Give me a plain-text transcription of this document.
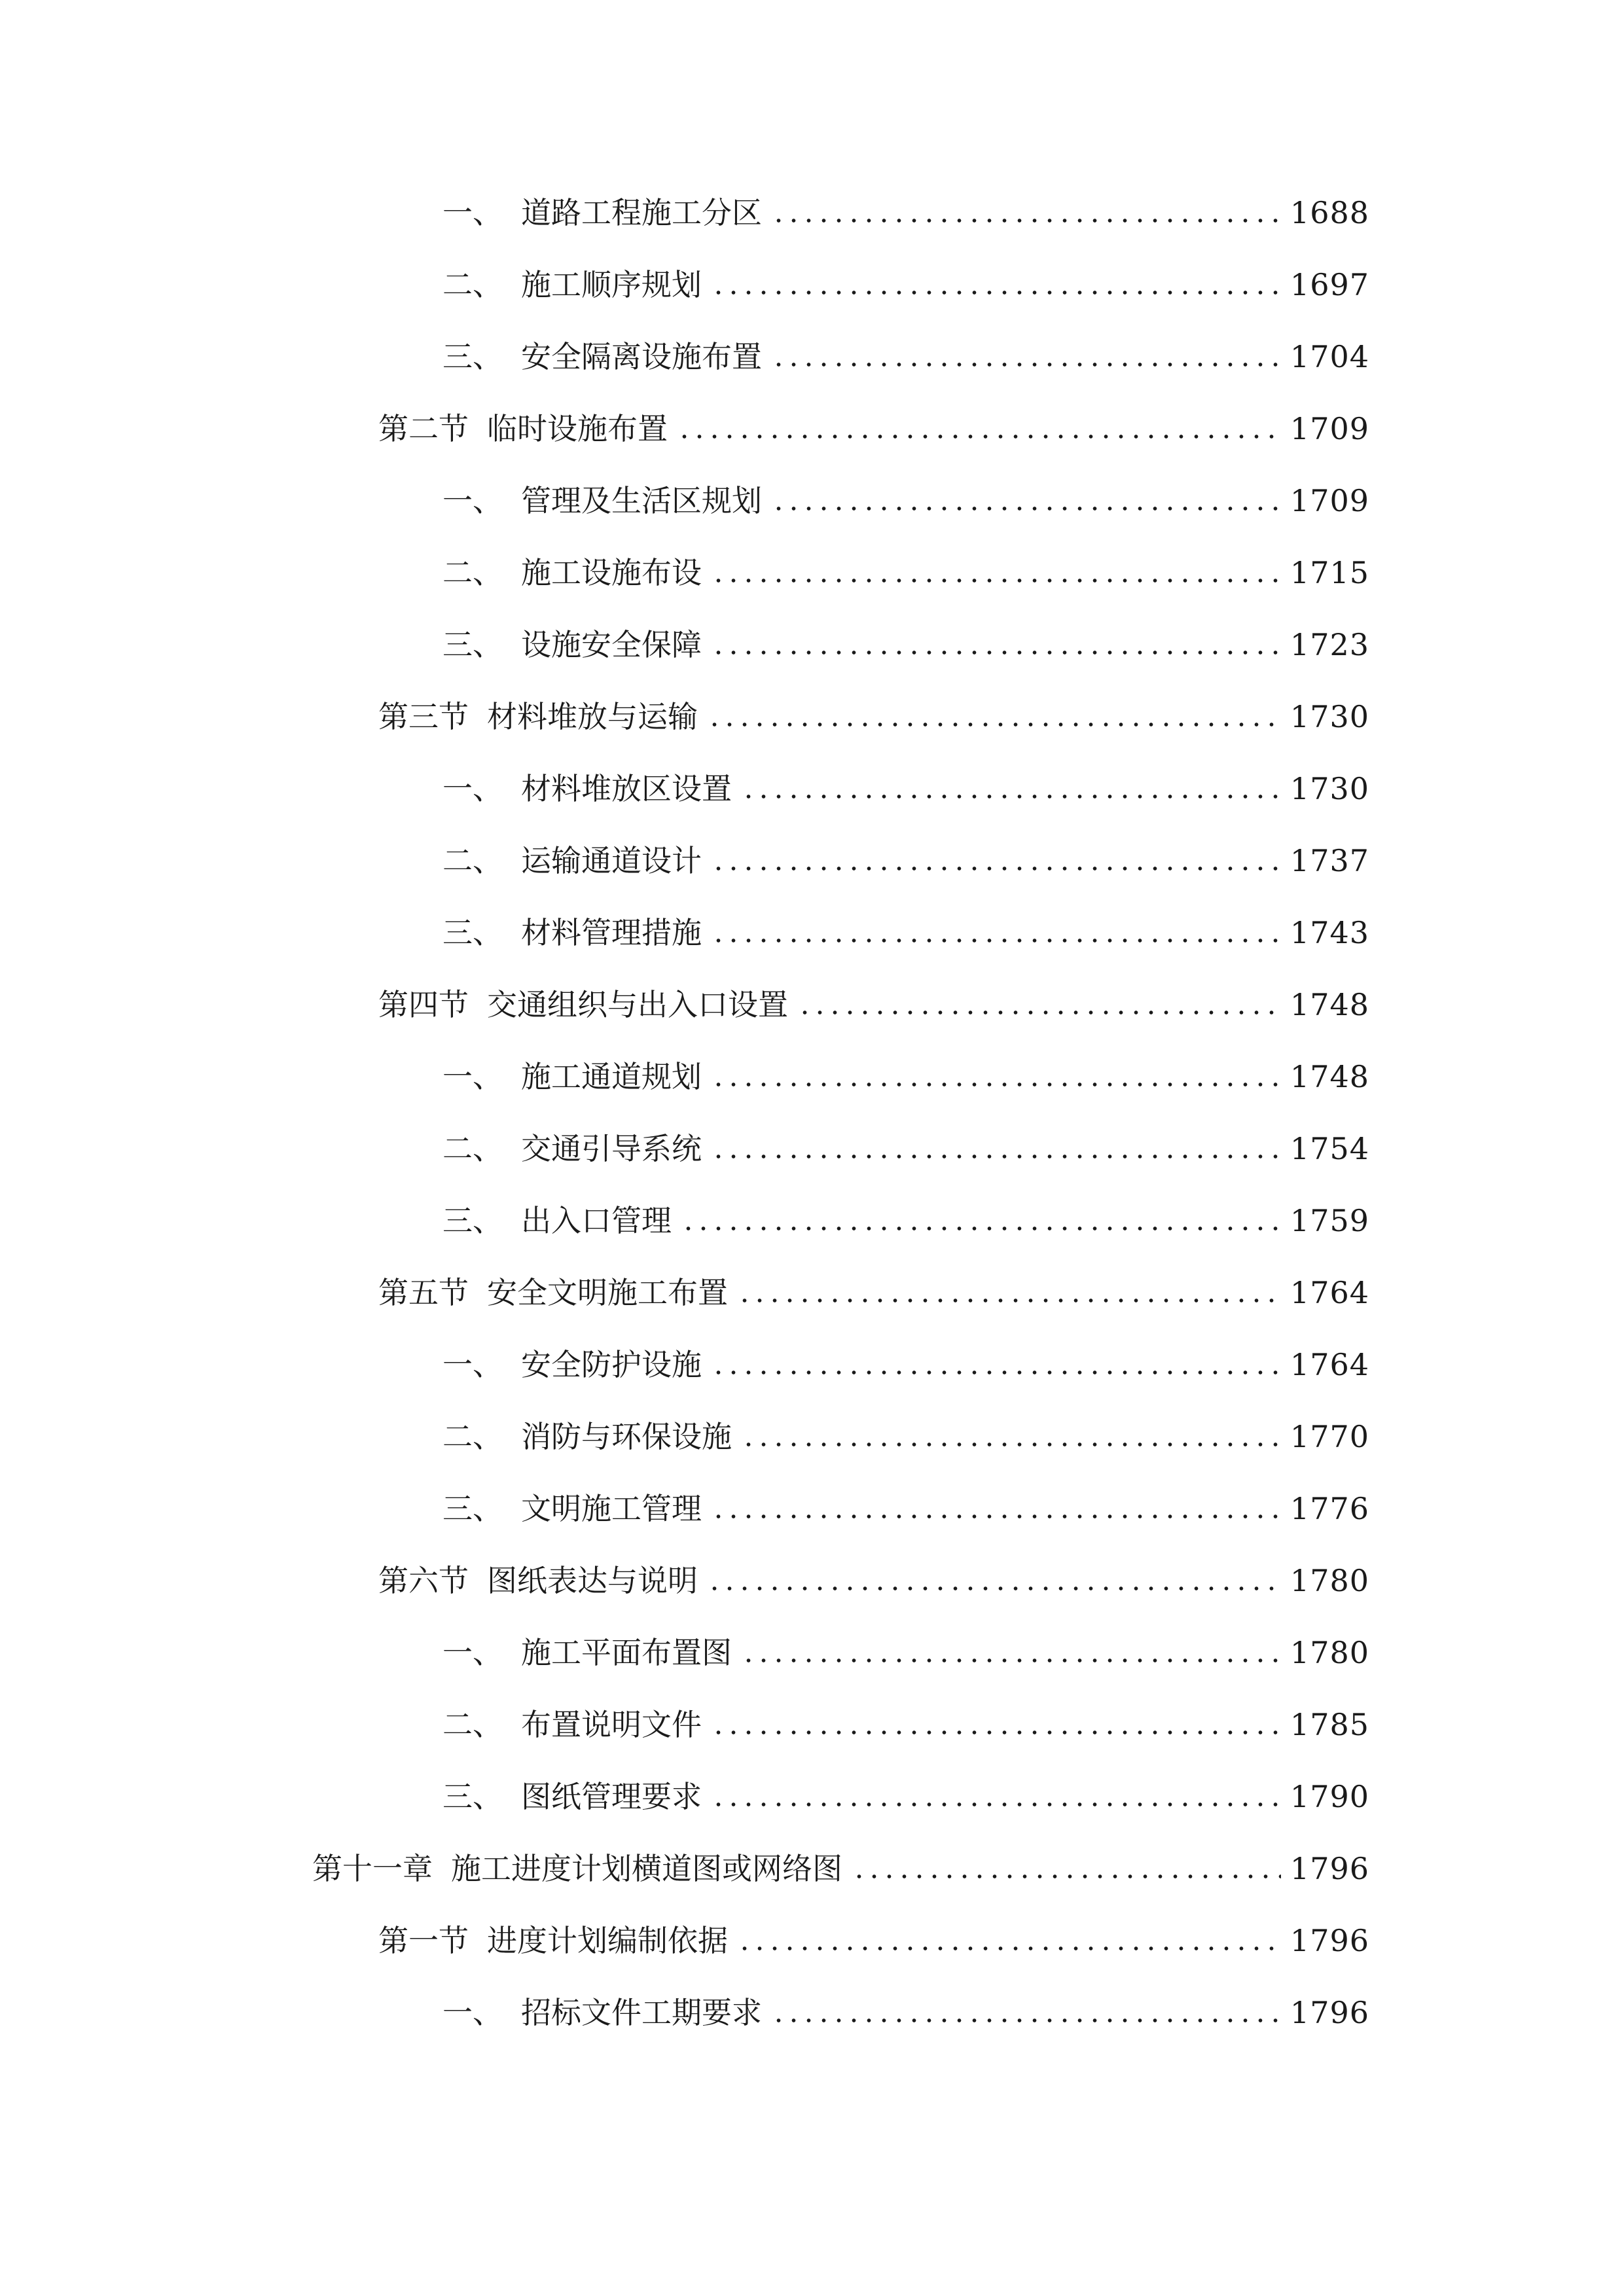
一、 道路工程施工分区	1688
二、 施工顺序规划	1697
三、 安全隔离设施布置	1704
第二节 临时设施布置	1709
一、 管理及生活区规划	1709
二、 施工设施布设	1715
三、 设施安全保障	1723
第三节 材料堆放与运输	1730
一、 材料堆放区设置	1730
二、 运输通道设计	1737
三、 材料管理措施	1743
第四节 交通组织与出入口设置	1748
一、 施工通道规划	1748
二、 交通引导系统	1754
三、 出入口管理	1759
第五节 安全文明施工布置	1764
一、 安全防护设施	1764
二、 消防与环保设施	1770
三、 文明施工管理	1776
第六节 图纸表达与说明	1780
一、 施工平面布置图	1780
二、 布置说明文件	1785
三、 图纸管理要求	1790
第十一章 施工进度计划横道图或网络图	1796
第一节 进度计划编制依据	1796
一、 招标文件工期要求	1796
